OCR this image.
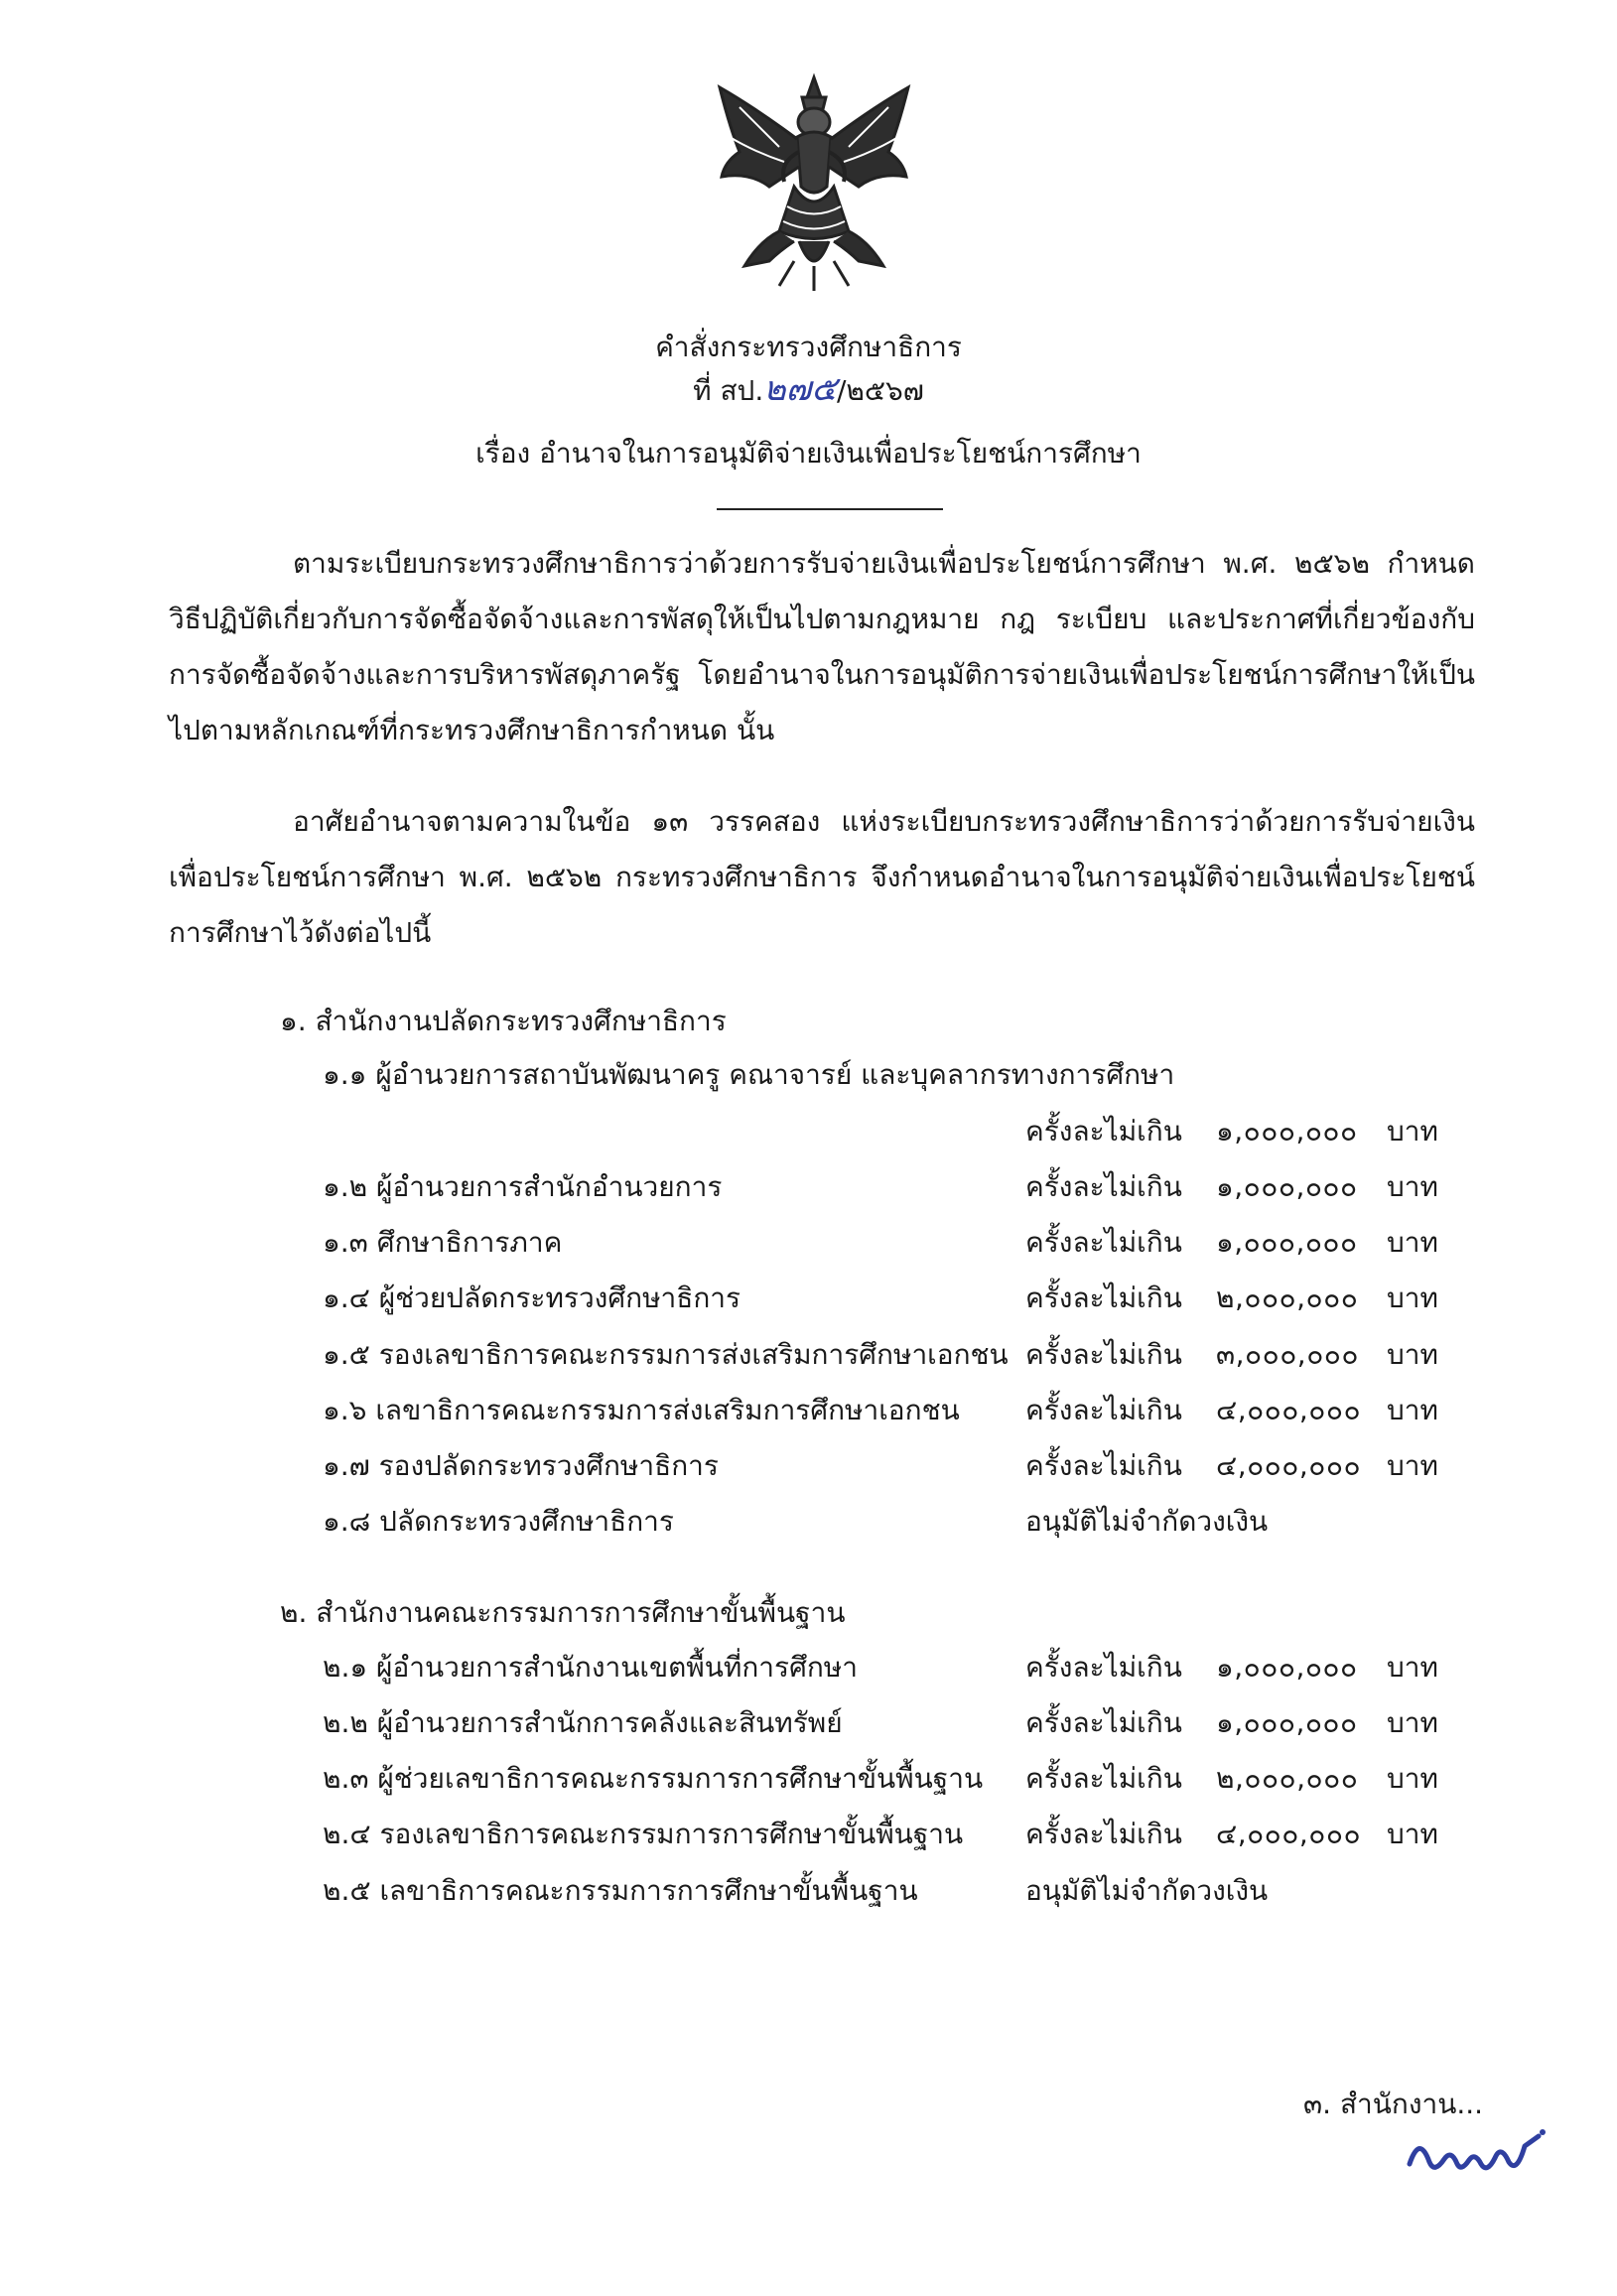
คำสั่งกระทรวงศึกษาธิการ
ที่ สป.๒๗๕/๒๕๖๗
เรื่อง อำนาจในการอนุมัติจ่ายเงินเพื่อประโยชน์การศึกษา
ตามระเบียบกระทรวงศึกษาธิการว่าด้วยการรับจ่ายเงินเพื่อประโยชน์การศึกษา พ.ศ. ๒๕๖๒ กำหนดวิธีปฏิบัติเกี่ยวกับการจัดซื้อจัดจ้างและการพัสดุให้เป็นไปตามกฎหมาย กฎ ระเบียบ และประกาศที่เกี่ยวข้องกับการจัดซื้อจัดจ้างและการบริหารพัสดุภาครัฐ โดยอำนาจในการอนุมัติการจ่ายเงินเพื่อประโยชน์การศึกษาให้เป็นไปตามหลักเกณฑ์ที่กระทรวงศึกษาธิการกำหนด นั้น
อาศัยอำนาจตามความในข้อ ๑๓ วรรคสอง แห่งระเบียบกระทรวงศึกษาธิการว่าด้วยการรับจ่ายเงินเพื่อประโยชน์การศึกษา พ.ศ. ๒๕๖๒ กระทรวงศึกษาธิการ จึงกำหนดอำนาจในการอนุมัติจ่ายเงินเพื่อประโยชน์การศึกษาไว้ดังต่อไปนี้
๑. สำนักงานปลัดกระทรวงศึกษาธิการ
๑.๑ ผู้อำนวยการสถาบันพัฒนาครู คณาจารย์ และบุคลากรทางการศึกษา
ครั้งละไม่เกิน ๑,๐๐๐,๐๐๐ บาท
๑.๒ ผู้อำนวยการสำนักอำนวยการ	ครั้งละไม่เกิน ๑,๐๐๐,๐๐๐ บาท
๑.๓ ศึกษาธิการภาค	ครั้งละไม่เกิน ๑,๐๐๐,๐๐๐ บาท
๑.๔ ผู้ช่วยปลัดกระทรวงศึกษาธิการ	ครั้งละไม่เกิน ๒,๐๐๐,๐๐๐ บาท
๑.๕ รองเลขาธิการคณะกรรมการส่งเสริมการศึกษาเอกชน ครั้งละไม่เกิน ๓,๐๐๐,๐๐๐ บาท
๑.๖ เลขาธิการคณะกรรมการส่งเสริมการศึกษาเอกชน ครั้งละไม่เกิน ๔,๐๐๐,๐๐๐ บาท
๑.๗ รองปลัดกระทรวงศึกษาธิการ	ครั้งละไม่เกิน ๔,๐๐๐,๐๐๐ บาท
๑.๘ ปลัดกระทรวงศึกษาธิการ	อนุมัติไม่จำกัดวงเงิน
๒. สำนักงานคณะกรรมการการศึกษาขั้นพื้นฐาน
๒.๑ ผู้อำนวยการสำนักงานเขตพื้นที่การศึกษา	ครั้งละไม่เกิน ๑,๐๐๐,๐๐๐ บาท
๒.๒ ผู้อำนวยการสำนักการคลังและสินทรัพย์	ครั้งละไม่เกิน ๑,๐๐๐,๐๐๐ บาท
๒.๓ ผู้ช่วยเลขาธิการคณะกรรมการการศึกษาขั้นพื้นฐาน ครั้งละไม่เกิน ๒,๐๐๐,๐๐๐ บาท
๒.๔ รองเลขาธิการคณะกรรมการการศึกษาขั้นพื้นฐาน ครั้งละไม่เกิน ๔,๐๐๐,๐๐๐ บาท
๒.๕ เลขาธิการคณะกรรมการการศึกษาขั้นพื้นฐาน	อนุมัติไม่จำกัดวงเงิน
๓. สำนักงาน...
